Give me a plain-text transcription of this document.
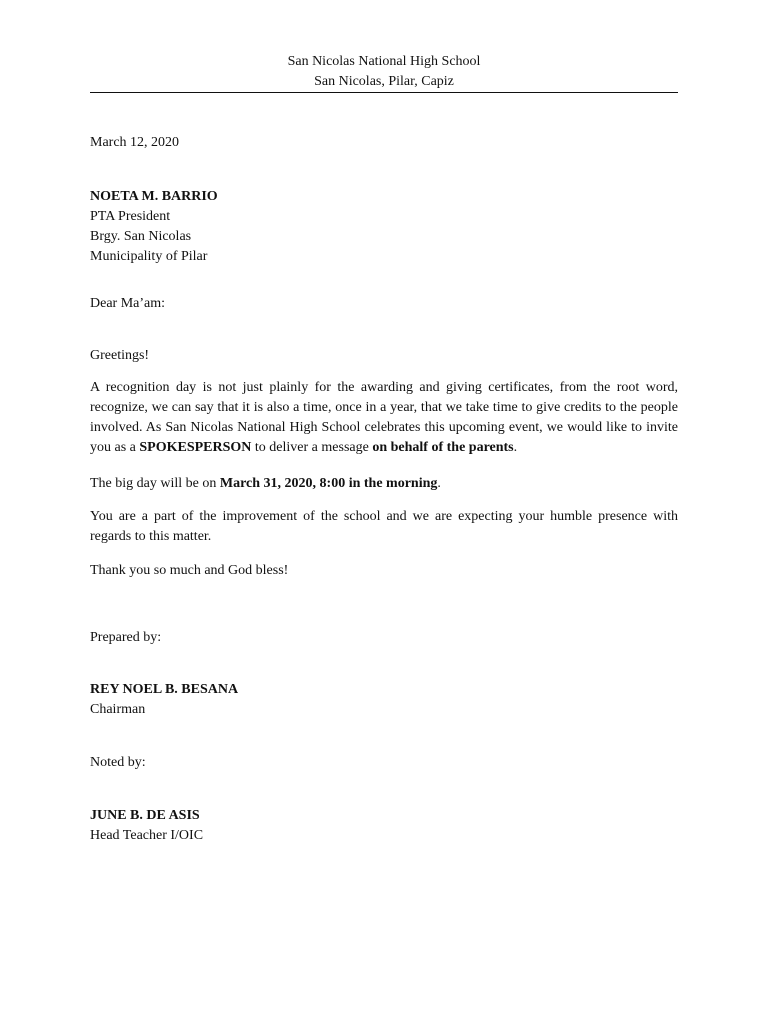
San Nicolas National High School
San Nicolas, Pilar, Capiz
March 12, 2020
NOETA M. BARRIO
PTA President
Brgy. San Nicolas
Municipality of Pilar
Dear Ma’am:
Greetings!
A recognition day is not just plainly for the awarding and giving certificates, from the root word, recognize, we can say that it is also a time, once in a year, that we take time to give credits to the people involved. As San Nicolas National High School celebrates this upcoming event, we would like to invite you as a SPOKESPERSON to deliver a message on behalf of the parents.
The big day will be on March 31, 2020, 8:00 in the morning.
You are a part of the improvement of the school and we are expecting your humble presence with regards to this matter.
Thank you so much and God bless!
Prepared by:
REY NOEL B. BESANA
Chairman
Noted by:
JUNE B. DE ASIS
Head Teacher I/OIC
